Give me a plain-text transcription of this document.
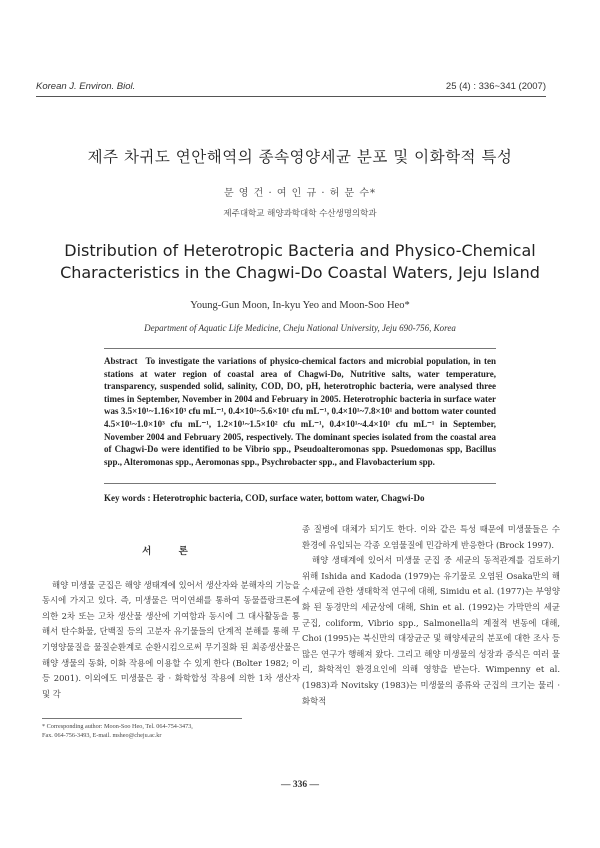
Korean J. Environ. Biol.	25 (4) : 336~341 (2007)
제주 차귀도 연안해역의 종속영양세균 분포 및 이화학적 특성
문 영 건 · 여 인 규 · 허 문 수*
제주대학교 해양과학대학 수산생명의학과
Distribution of Heterotropic Bacteria and Physico-Chemical
Characteristics in the Chagwi-Do Coastal Waters, Jeju Island
Young-Gun Moon, In-kyu Yeo and Moon-Soo Heo*
Department of Aquatic Life Medicine, Cheju National University, Jeju 690-756, Korea
Abstract To investigate the variations of physico-chemical factors and microbial population, in ten stations at water region of coastal area of Chagwi-Do, Nutritive salts, water temperature, transparency, suspended solid, salinity, COD, DO, pH, heterotrophic bacteria, were analysed three times in September, November in 2004 and February in 2005. Heterotrophic bacteria in surface water was 3.5×10¹~1.16×10³ cfu mL⁻¹, 0.4×10¹~5.6×10¹ cfu mL⁻¹, 0.4×10¹~7.8×10¹ and bottom water counted 4.5×10¹~1.0×10³ cfu mL⁻¹, 1.2×10¹~1.5×10² cfu mL⁻¹, 0.4×10¹~4.4×10¹ cfu mL⁻¹ in September, November 2004 and February 2005, respectively. The dominant species isolated from the coastal area of Chagwi-Do were identified to be Vibrio spp., Pseudoalteromonas spp. Psuedomonas spp, Bacillus spp., Alteromonas spp., Aeromonas spp., Psychrobacter spp., and Flavobacterium spp.
Key words : Heterotrophic bacteria, COD, surface water, bottom water, Chagwi-Do
서 론

해양 미생물 군집은 해양 생태계에 있어서 생산자와 분해자의 기능을 동시에 가지고 있다. 즉, 미생물은 먹이연쇄를 통하여 동물플랑크톤에 의한 2차 또는 고차 생산물 생산에 기여함과 동시에 그 대사활동을 통해서 탄수화물, 단백질 등의 고분자 유기물들의 단계적 분해를 통해 무기영양물질을 물질순환계로 순환시킴으로써 무기질화 된 최종생산물은 해양 생물의 동화, 이화 작용에 이용할 수 있게 한다 (Bolter 1982; 이 등 2001). 이외에도 미생물은 광 · 화학합성 작용에 의한 1차 생산자 및 각

종 질병에 대체가 되기도 한다. 이와 같은 특성 때문에 미생물들은 수 환경에 유입되는 각종 오염물질에 민감하게 반응한다 (Brock 1997).

해양 생태계에 있어서 미생물 군집 중 세균의 동적관계를 검토하기 위해 Ishida and Kadoda (1979)는 유기물로 오염된 Osaka만의 해수세균에 관한 생태학적 연구에 대해, Simidu et al. (1977)는 부영양화 된 동경만의 세균상에 대해, Shin et al. (1992)는 가막만의 세균 군집, coliform, Vibrio spp., Salmonella의 계절적 변동에 대해, Choi (1995)는 북신만의 대장균군 및 해양세균의 분포에 대한 조사 등 많은 연구가 행해져 왔다. 그리고 해양 미생물의 성장과 증식은 여러 물리, 화학적인 환경요인에 의해 영향을 받는다. Wimpenny et al. (1983)과 Novitsky (1983)는 미생물의 종류와 군집의 크기는 물리 · 화학적

* Corresponding author: Moon-Soo Heo, Tel. 064-754-3473,
Fax. 064-756-3493, E-mail. msheo@cheju.ac.kr
— 336 —
